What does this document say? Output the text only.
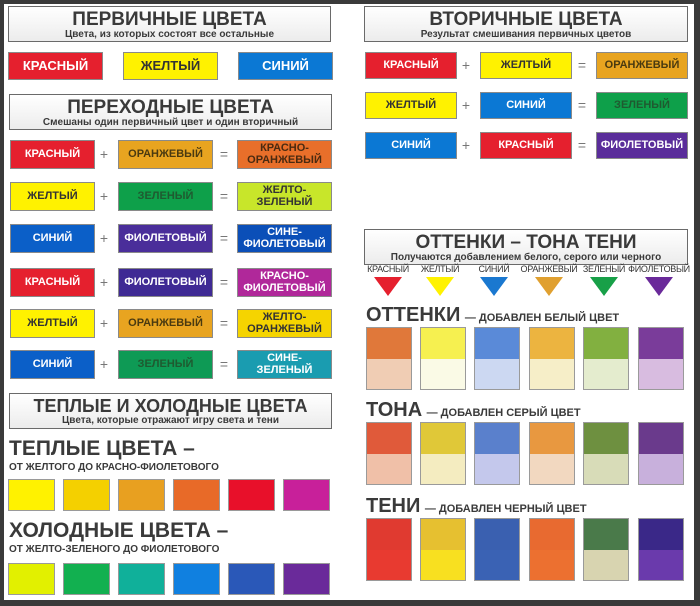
ПЕРВИЧНЫЕ ЦВЕТА
Цвета, из которых состоят все остальные
КРАСНЫЙ	ЖЕЛТЫЙ	СИНИЙ
ПЕРЕХОДНЫЕ ЦВЕТА
Смешаны один первичный цвет и один вторичный
КРАСНЫЙ	+	ОРАНЖЕВЫЙ	=	КРАСНО-
ОРАНЖЕВЫЙ
ЖЕЛТЫЙ	+	ЗЕЛЕНЫЙ	=	ЖЕЛТО-
ЗЕЛЕНЫЙ
СИНИЙ	+	ФИОЛЕТОВЫЙ =	СИНЕ-
ФИОЛЕТОВЫЙ
КРАСНЫЙ	+	ФИОЛЕТОВЫЙ =	КРАСНО-
ФИОЛЕТОВЫЙ
ЖЕЛТЫЙ	+	ОРАНЖЕВЫЙ	=	ЖЕЛТО-
ОРАНЖЕВЫЙ
СИНИЙ	+	ЗЕЛЕНЫЙ	=	СИНЕ-
ЗЕЛЕНЫЙ
ТЕПЛЫЕ И ХОЛОДНЫЕ ЦВЕТА
Цвета, которые отражают игру света и тени
ТЕПЛЫЕ ЦВЕТА –
ОТ ЖЕЛТОГО ДО КРАСНО-ФИОЛЕТОВОГО
ХОЛОДНЫЕ ЦВЕТА –
ОТ ЖЕЛТО-ЗЕЛЕНОГО ДО ФИОЛЕТОВОГО
ВТОРИЧНЫЕ ЦВЕТА
Результат смешивания первичных цветов
КРАСНЫЙ	+	ЖЕЛТЫЙ	=	ОРАНЖЕВЫЙ
ЖЕЛТЫЙ	+	СИНИЙ	=	ЗЕЛЕНЫЙ
СИНИЙ	+	КРАСНЫЙ	=	ФИОЛЕТОВЫЙ
ОТТЕНКИ – ТОНА ТЕНИ
Получаются добавлением белого, серого или черного
КРАСНЫЙ	ЖЕЛТЫЙ	СИНИЙ	ОРАНЖЕВЫЙ ЗЕЛЕНЫЙ ФИОЛЕТОВЫЙ
ОТТЕНКИ — ДОБАВЛЕН БЕЛЫЙ ЦВЕТ
ТОНА — ДОБАВЛЕН СЕРЫЙ ЦВЕТ
ТЕНИ — ДОБАВЛЕН ЧЕРНЫЙ ЦВЕТ
